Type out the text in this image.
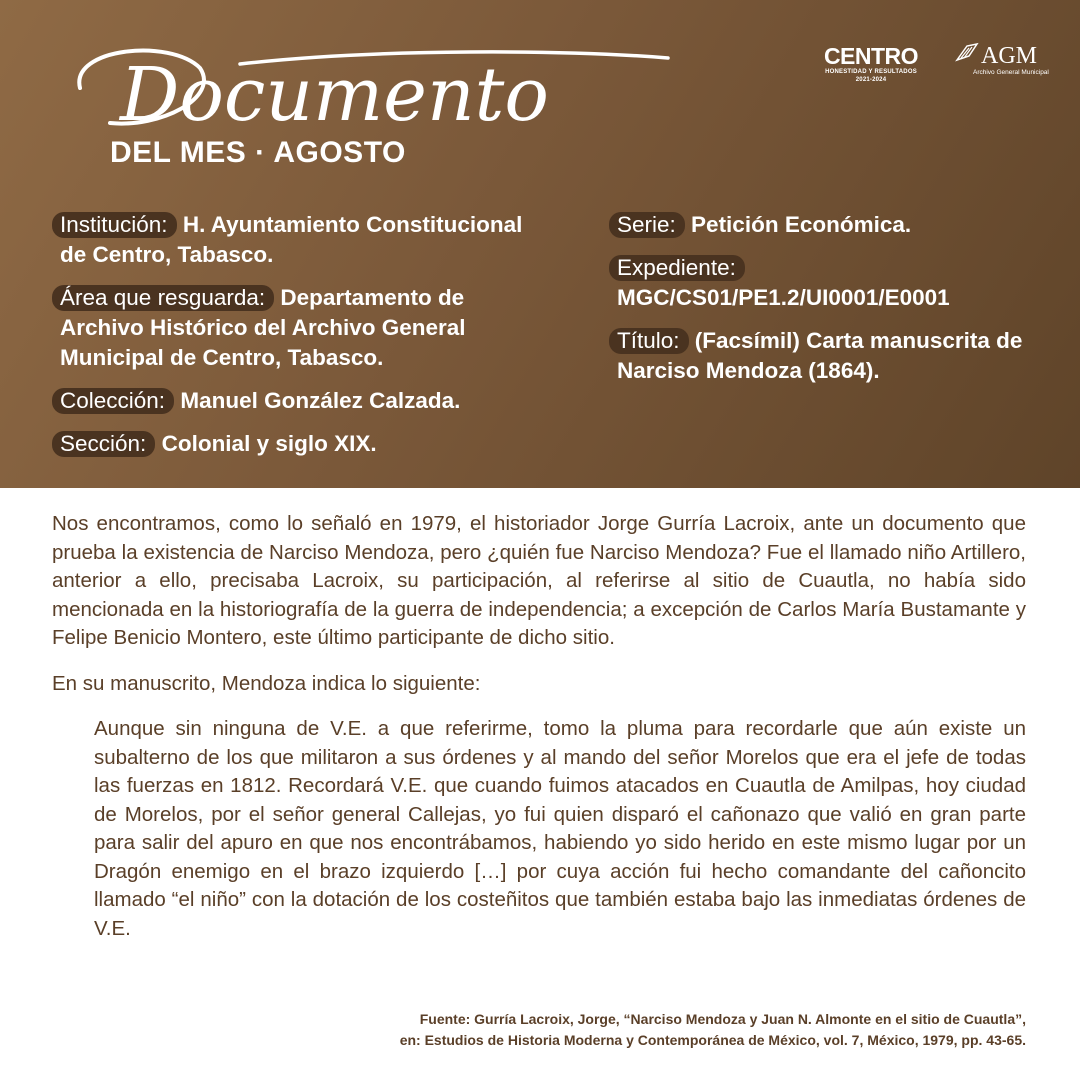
Documento
DEL MES · AGOSTO
CENTRO
HONESTIDAD Y RESULTADOS
2021-2024
AGM
Archivo General Municipal
Institución: H. Ayuntamiento Constitucional de Centro, Tabasco.
Área que resguarda: Departamento de Archivo Histórico del Archivo General Municipal de Centro, Tabasco.
Colección: Manuel González Calzada.
Sección: Colonial y siglo XIX.
Serie: Petición Económica.
Expediente:
MGC/CS01/PE1.2/UI0001/E0001
Título: (Facsímil) Carta manuscrita de Narciso Mendoza (1864).

Nos encontramos, como lo señaló en 1979, el historiador Jorge Gurría Lacroix, ante un documento que prueba la existencia de Narciso Mendoza, pero ¿quién fue Narciso Mendoza? Fue el llamado niño Artillero, anterior a ello, precisaba Lacroix, su participación, al referirse al sitio de Cuautla, no había sido mencionada en la historiografía de la guerra de independencia; a excepción de Carlos María Bustamante y Felipe Benicio Montero, este último participante de dicho sitio.

En su manuscrito, Mendoza indica lo siguiente:

Aunque sin ninguna de V.E. a que referirme, tomo la pluma para recordarle que aún existe un subalterno de los que militaron a sus órdenes y al mando del señor Morelos que era el jefe de todas las fuerzas en 1812. Recordará V.E. que cuando fuimos atacados en Cuautla de Amilpas, hoy ciudad de Morelos, por el señor general Callejas, yo fui quien disparó el cañonazo que valió en gran parte para salir del apuro en que nos encontrábamos, habiendo yo sido herido en este mismo lugar por un Dragón enemigo en el brazo izquierdo […] por cuya acción fui hecho comandante del cañoncito llamado “el niño” con la dotación de los costeñitos que también estaba bajo las inmediatas órdenes de V.E.

Fuente: Gurría Lacroix, Jorge, “Narciso Mendoza y Juan N. Almonte en el sitio de Cuautla”,
en: Estudios de Historia Moderna y Contemporánea de México, vol. 7, México, 1979, pp. 43-65.
